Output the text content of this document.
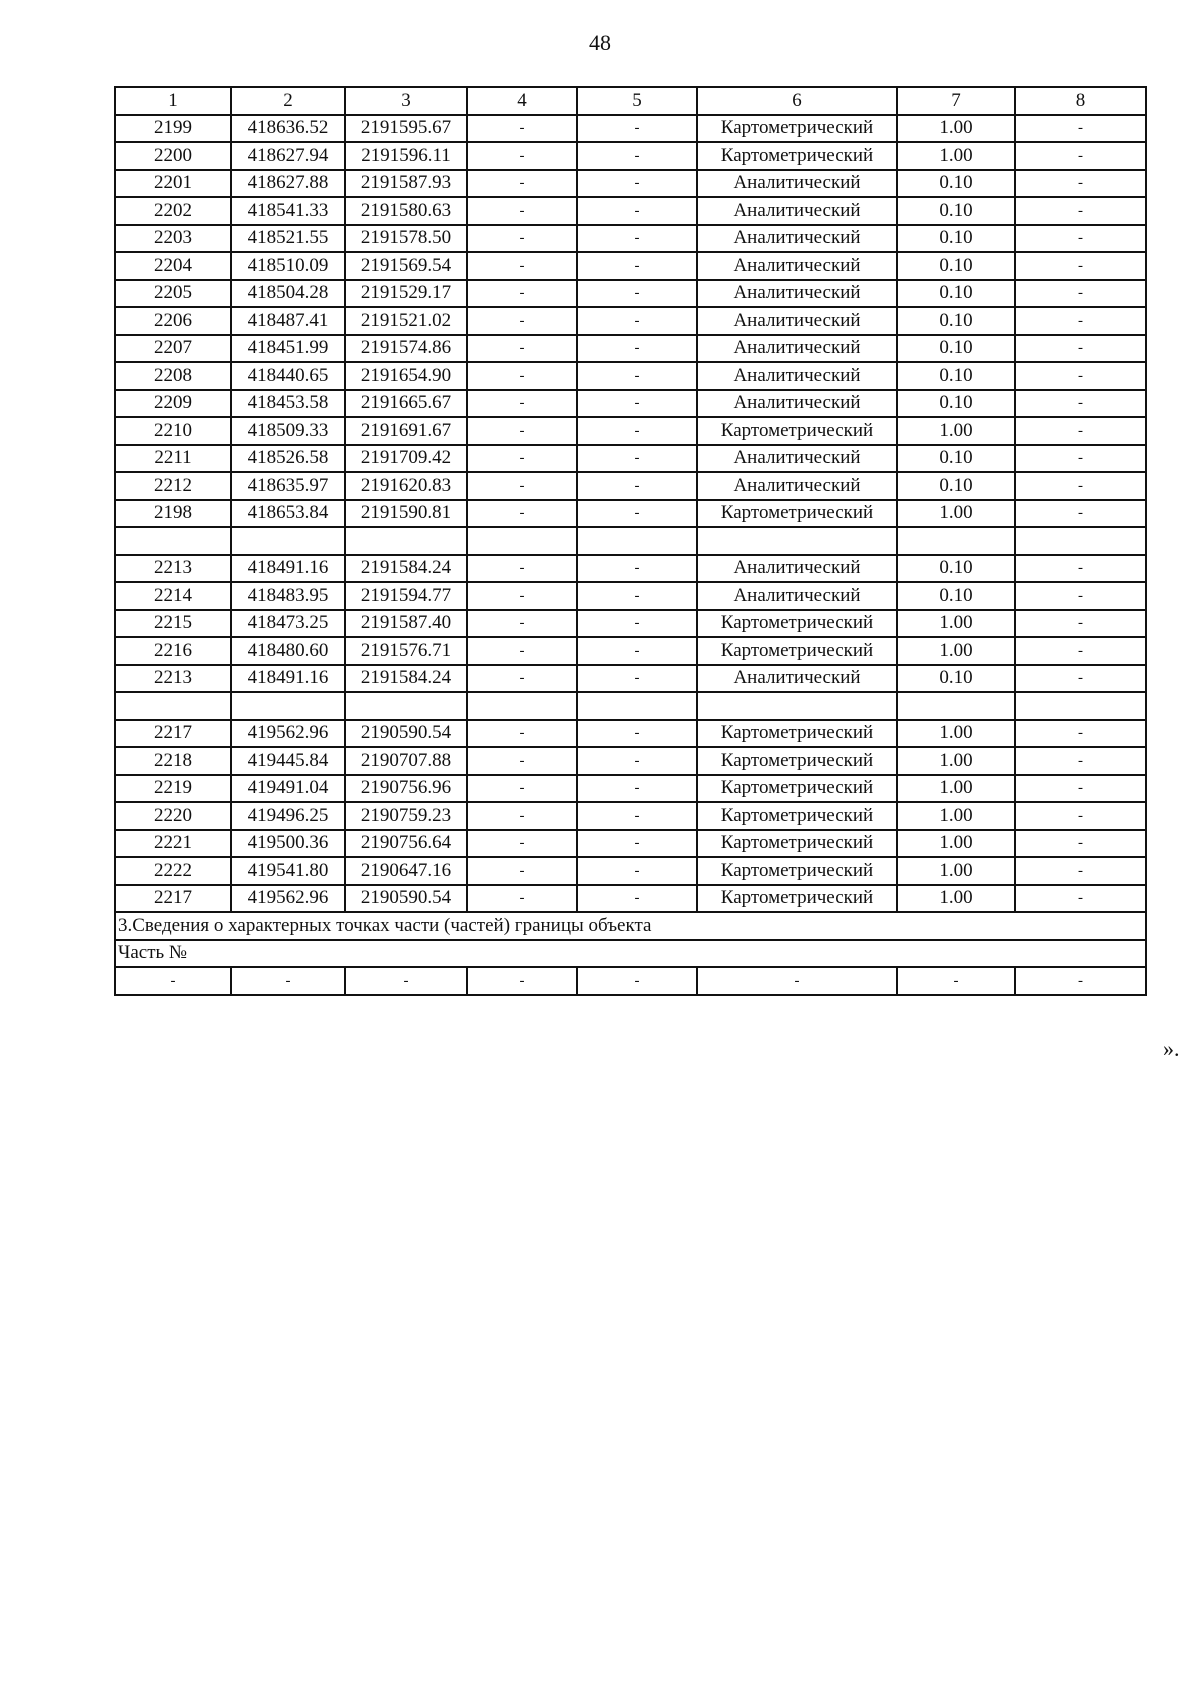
48
1	2	3	4	5	6	7	8
2199	418636.52	2191595.67	-	-	Картометрический	1.00	-
2200	418627.94	2191596.11	-	-	Картометрический	1.00	-
2201	418627.88	2191587.93	-	-	Аналитический	0.10	-
2202	418541.33	2191580.63	-	-	Аналитический	0.10	-
2203	418521.55	2191578.50	-	-	Аналитический	0.10	-
2204	418510.09	2191569.54	-	-	Аналитический	0.10	-
2205	418504.28	2191529.17	-	-	Аналитический	0.10	-
2206	418487.41	2191521.02	-	-	Аналитический	0.10	-
2207	418451.99	2191574.86	-	-	Аналитический	0.10	-
2208	418440.65	2191654.90	-	-	Аналитический	0.10	-
2209	418453.58	2191665.67	-	-	Аналитический	0.10	-
2210	418509.33	2191691.67	-	-	Картометрический	1.00	-
2211	418526.58	2191709.42	-	-	Аналитический	0.10	-
2212	418635.97	2191620.83	-	-	Аналитический	0.10	-
2198	418653.84	2191590.81	-	-	Картометрический	1.00	-

2213	418491.16	2191584.24	-	-	Аналитический	0.10	-
2214	418483.95	2191594.77	-	-	Аналитический	0.10	-
2215	418473.25	2191587.40	-	-	Картометрический	1.00	-
2216	418480.60	2191576.71	-	-	Картометрический	1.00	-
2213	418491.16	2191584.24	-	-	Аналитический	0.10	-

2217	419562.96	2190590.54	-	-	Картометрический	1.00	-
2218	419445.84	2190707.88	-	-	Картометрический	1.00	-
2219	419491.04	2190756.96	-	-	Картометрический	1.00	-
2220	419496.25	2190759.23	-	-	Картометрический	1.00	-
2221	419500.36	2190756.64	-	-	Картометрический	1.00	-
2222	419541.80	2190647.16	-	-	Картометрический	1.00	-
2217	419562.96	2190590.54	-	-	Картометрический	1.00	-
3.Сведения о характерных точках части (частей) границы объекта							
Часть №							
-	-	-	-	-	-	-	-
».
